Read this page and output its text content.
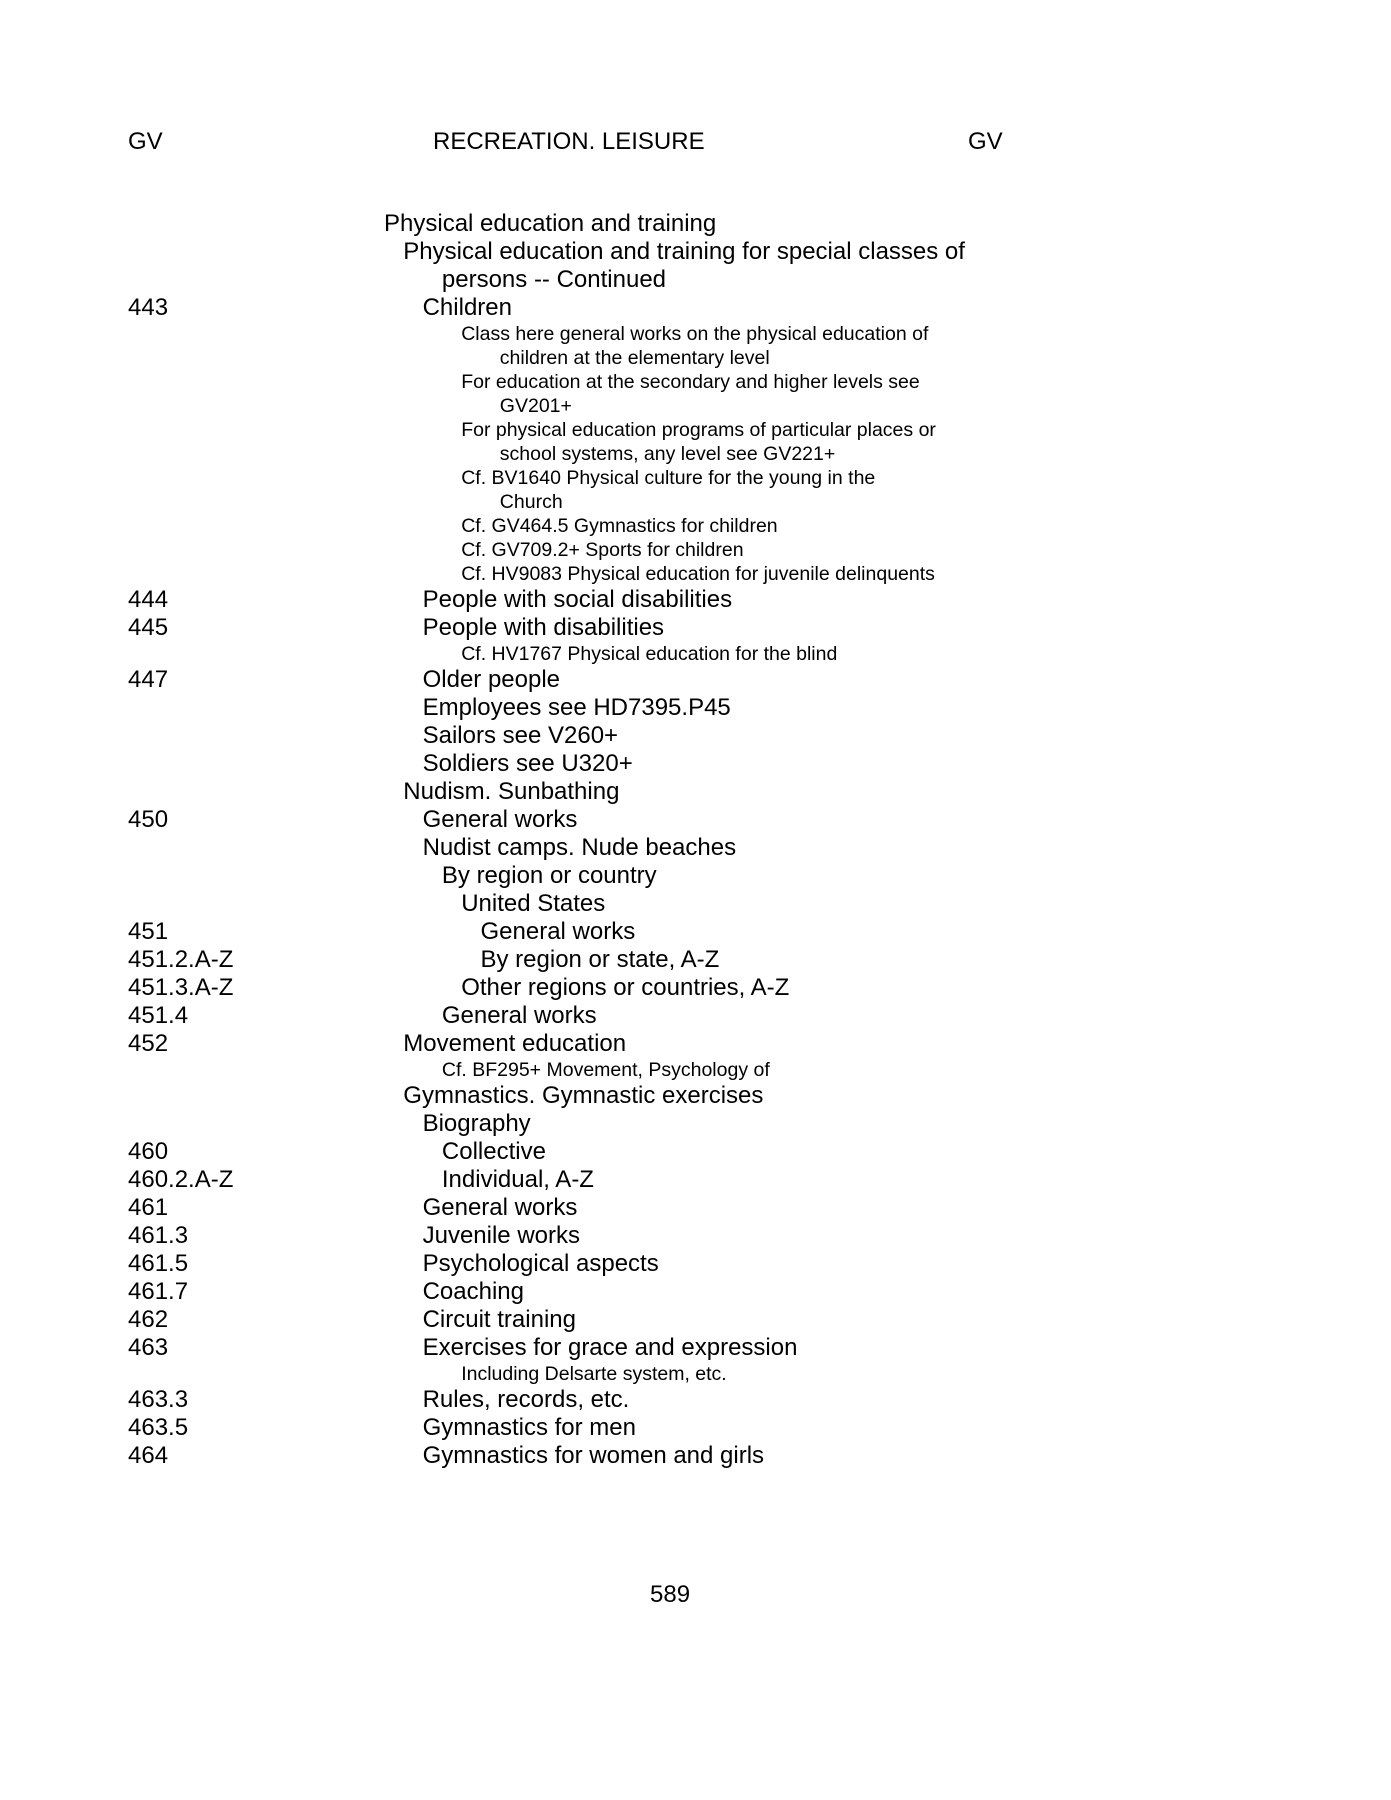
GV	RECREATION. LEISURE	GV
Physical education and training
Physical education and training for special classes of
persons -- Continued
443	Children
Class here general works on the physical education of
children at the elementary level
For education at the secondary and higher levels see
GV201+
For physical education programs of particular places or
school systems, any level see GV221+
Cf. BV1640 Physical culture for the young in the
Church
Cf. GV464.5 Gymnastics for children
Cf. GV709.2+ Sports for children
Cf. HV9083 Physical education for juvenile delinquents
444	People with social disabilities
445	People with disabilities
Cf. HV1767 Physical education for the blind
447	Older people
Employees see HD7395.P45
Sailors see V260+
Soldiers see U320+
Nudism. Sunbathing
450	General works
Nudist camps. Nude beaches
By region or country
United States
451	General works
451.2.A-Z	By region or state, A-Z
451.3.A-Z	Other regions or countries, A-Z
451.4	General works
452	Movement education
Cf. BF295+ Movement, Psychology of
Gymnastics. Gymnastic exercises
Biography
460	Collective
460.2.A-Z	Individual, A-Z
461	General works
461.3	Juvenile works
461.5	Psychological aspects
461.7	Coaching
462	Circuit training
463	Exercises for grace and expression
Including Delsarte system, etc.
463.3	Rules, records, etc.
463.5	Gymnastics for men
464	Gymnastics for women and girls
589
